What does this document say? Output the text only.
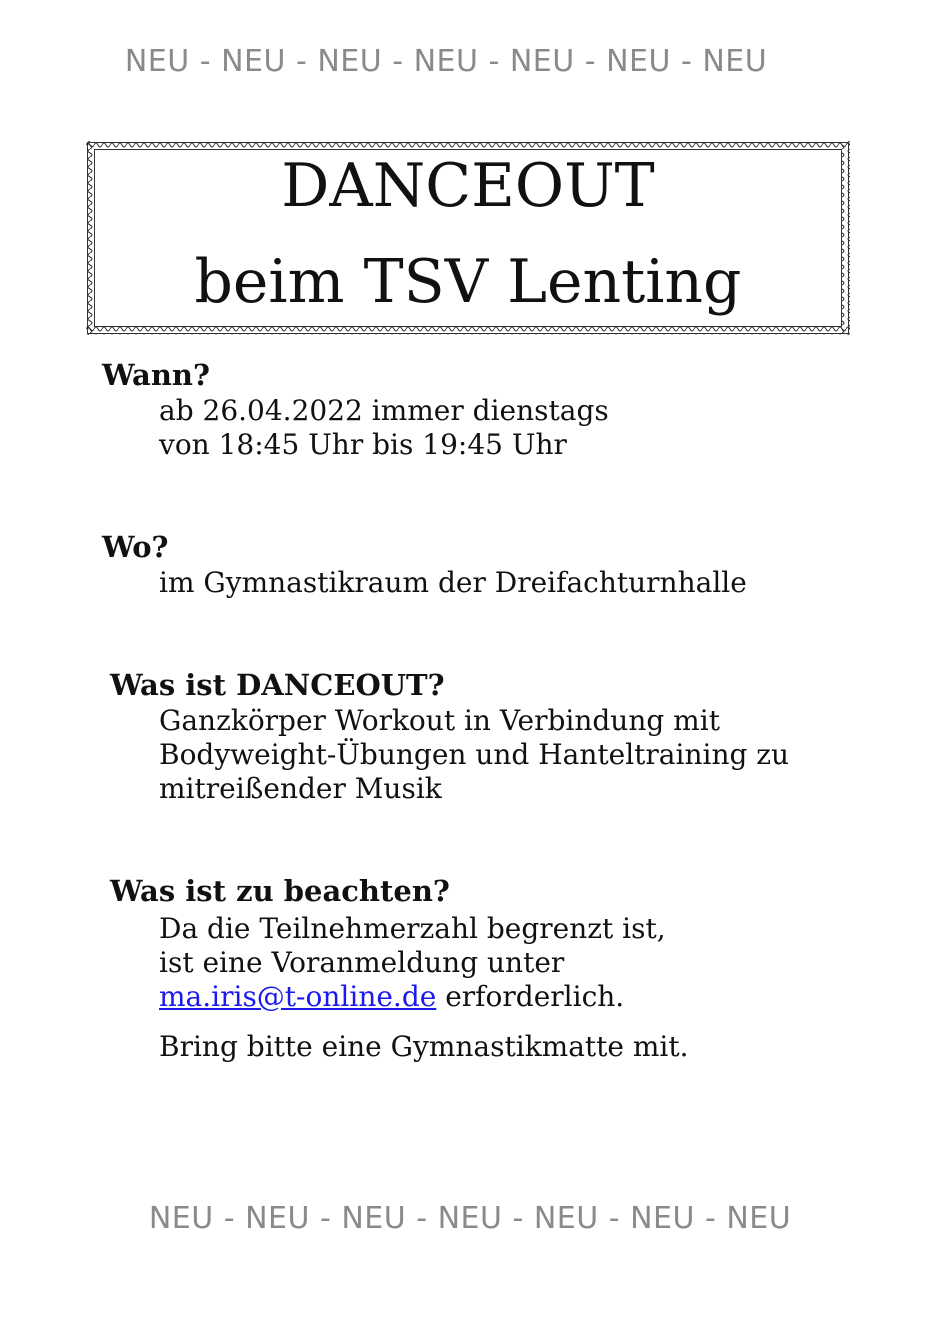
NEU - NEU - NEU - NEU - NEU - NEU - NEU
DANCEOUT
beim TSV Lenting
Wann?
ab 26.04.2022 immer dienstags
von 18:45 Uhr bis 19:45 Uhr
Wo?
im Gymnastikraum der Dreifachturnhalle
Was ist DANCEOUT?
Ganzkörper Workout in Verbindung mit
Bodyweight-Übungen und Hanteltraining zu
mitreißender Musik
Was ist zu beachten?
Da die Teilnehmerzahl begrenzt ist,
ist eine Voranmeldung unter
ma.iris@t-online.de erforderlich.
Bring bitte eine Gymnastikmatte mit.
NEU - NEU - NEU - NEU - NEU - NEU - NEU
